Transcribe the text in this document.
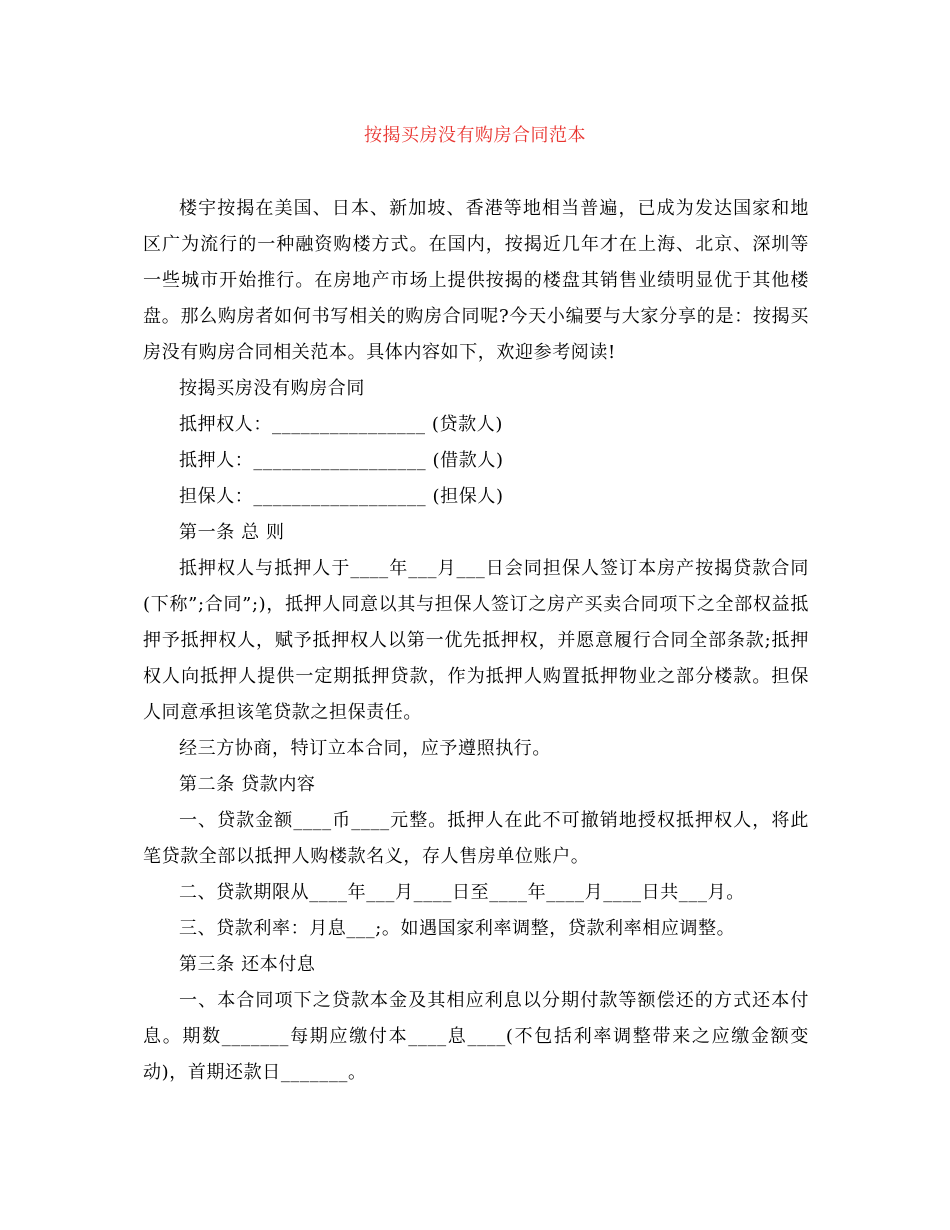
按揭买房没有购房合同范本

楼宇按揭在美国、日本、新加坡、香港等地相当普遍，已成为发达国家和地区广为流行的一种融资购楼方式。在国内，按揭近几年才在上海、北京、深圳等一些城市开始推行。在房地产市场上提供按揭的楼盘其销售业绩明显优于其他楼盘。那么购房者如何书写相关的购房合同呢?今天小编要与大家分享的是：按揭买房没有购房合同相关范本。具体内容如下，欢迎参考阅读!

按揭买房没有购房合同

抵押权人：________________ (贷款人)

抵押人：__________________ (借款人)

担保人：__________________ (担保人)

第一条 总 则

抵押权人与抵押人于____年___月___日会同担保人签订本房产按揭贷款合同(下称”;合同”;)，抵押人同意以其与担保人签订之房产买卖合同项下之全部权益抵押予抵押权人，赋予抵押权人以第一优先抵押权，并愿意履行合同全部条款;抵押权人向抵押人提供一定期抵押贷款，作为抵押人购置抵押物业之部分楼款。担保人同意承担该笔贷款之担保责任。

经三方协商，特订立本合同，应予遵照执行。

第二条 贷款内容

一、贷款金额____币____元整。抵押人在此不可撤销地授权抵押权人，将此笔贷款全部以抵押人购楼款名义，存人售房单位账户。

二、贷款期限从____年___月____日至____年____月____日共___月。

三、贷款利率：月息___;。如遇国家利率调整，贷款利率相应调整。

第三条 还本付息

一、本合同项下之贷款本金及其相应利息以分期付款等额偿还的方式还本付息。期数_______每期应缴付本____息____(不包括利率调整带来之应缴金额变动)，首期还款日_______。
